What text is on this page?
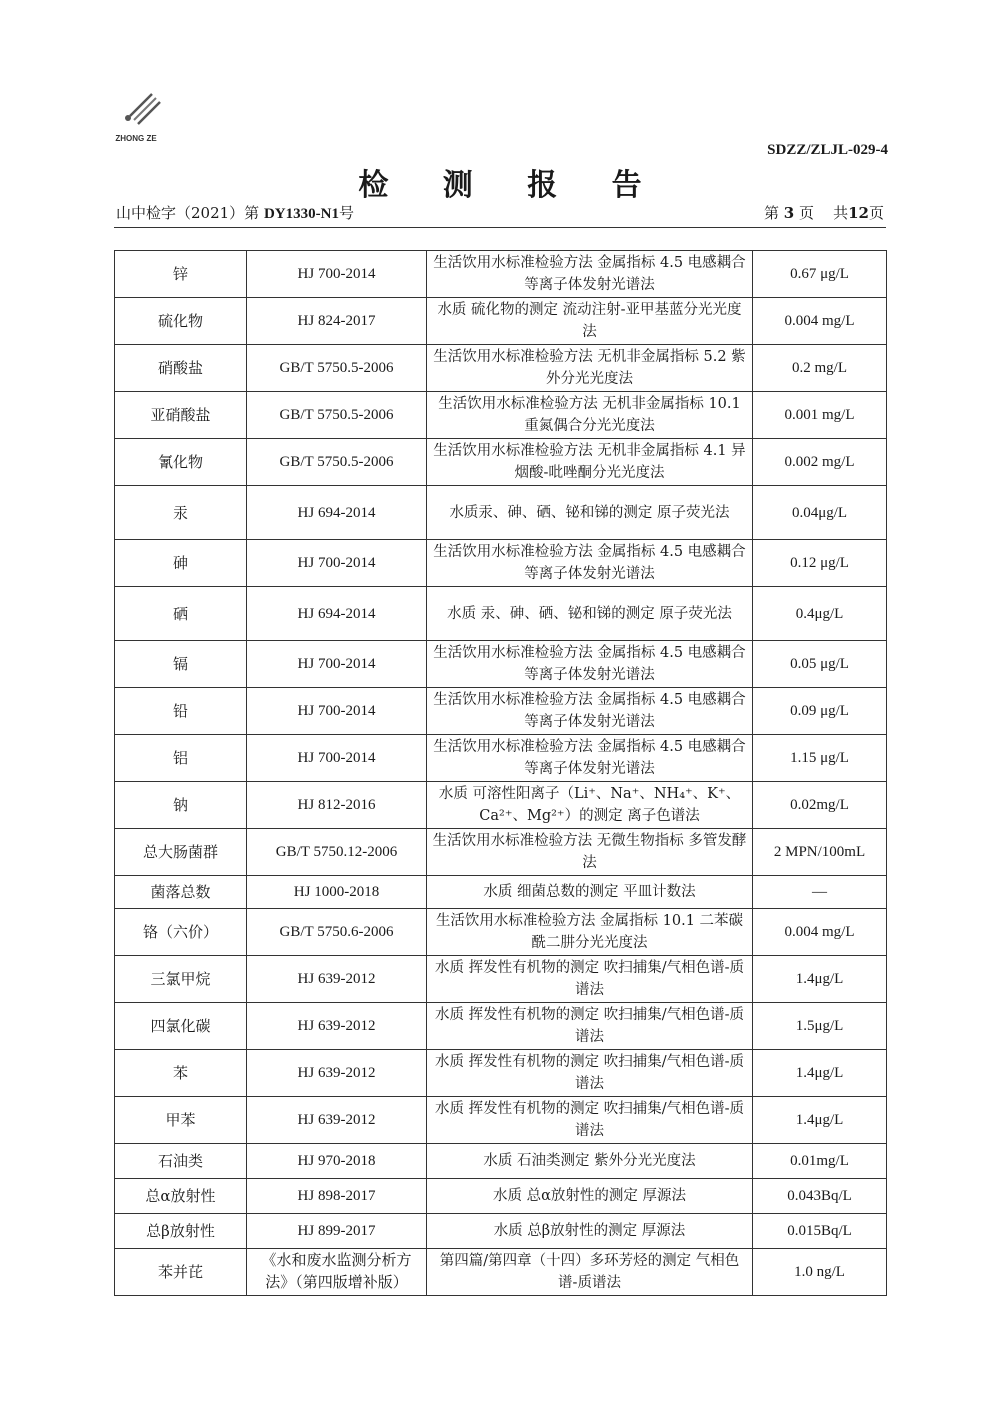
ZHONG ZE
SDZZ/ZLJL-029-4
检 测 报 告
山中检字（2021）第 DY1330-N1号	第 3 页 共12页
锌	HJ 700-2014	生活饮用水标准检验方法 金属指标 4.5 电感耦合等离子体发射光谱法	0.67 μg/L
硫化物	HJ 824-2017	水质 硫化物的测定 流动注射-亚甲基蓝分光光度法	0.004 mg/L
硝酸盐	GB/T 5750.5-2006	生活饮用水标准检验方法 无机非金属指标 5.2 紫外分光光度法	0.2 mg/L
亚硝酸盐	GB/T 5750.5-2006	生活饮用水标准检验方法 无机非金属指标 10.1 重氮偶合分光光度法	0.001 mg/L
氰化物	GB/T 5750.5-2006	生活饮用水标准检验方法 无机非金属指标 4.1 异烟酸-吡唑酮分光光度法	0.002 mg/L
汞	HJ 694-2014	水质汞、砷、硒、铋和锑的测定 原子荧光法	0.04μg/L
砷	HJ 700-2014	生活饮用水标准检验方法 金属指标 4.5 电感耦合等离子体发射光谱法	0.12 μg/L
硒	HJ 694-2014	水质 汞、砷、硒、铋和锑的测定 原子荧光法	0.4μg/L
镉	HJ 700-2014	生活饮用水标准检验方法 金属指标 4.5 电感耦合等离子体发射光谱法	0.05 μg/L
铅	HJ 700-2014	生活饮用水标准检验方法 金属指标 4.5 电感耦合等离子体发射光谱法	0.09 μg/L
铝	HJ 700-2014	生活饮用水标准检验方法 金属指标 4.5 电感耦合等离子体发射光谱法	1.15 μg/L
钠	HJ 812-2016	水质 可溶性阳离子（Li⁺、Na⁺、NH₄⁺、K⁺、Ca²⁺、Mg²⁺）的测定 离子色谱法	0.02mg/L
总大肠菌群	GB/T 5750.12-2006	生活饮用水标准检验方法 无微生物指标 多管发酵法	2 MPN/100mL
菌落总数	HJ 1000-2018	水质 细菌总数的测定 平皿计数法	—
铬（六价）	GB/T 5750.6-2006	生活饮用水标准检验方法 金属指标 10.1 二苯碳酰二肼分光光度法	0.004 mg/L
三氯甲烷	HJ 639-2012	水质 挥发性有机物的测定 吹扫捕集/气相色谱-质谱法	1.4μg/L
四氯化碳	HJ 639-2012	水质 挥发性有机物的测定 吹扫捕集/气相色谱-质谱法	1.5μg/L
苯	HJ 639-2012	水质 挥发性有机物的测定 吹扫捕集/气相色谱-质谱法	1.4μg/L
甲苯	HJ 639-2012	水质 挥发性有机物的测定 吹扫捕集/气相色谱-质谱法	1.4μg/L
石油类	HJ 970-2018	水质 石油类测定 紫外分光光度法	0.01mg/L
总α放射性	HJ 898-2017	水质 总α放射性的测定 厚源法	0.043Bq/L
总β放射性	HJ 899-2017	水质 总β放射性的测定 厚源法	0.015Bq/L
苯并芘	《水和废水监测分析方法》（第四版增补版）	第四篇/第四章（十四）多环芳烃的测定 气相色谱-质谱法	1.0 ng/L
